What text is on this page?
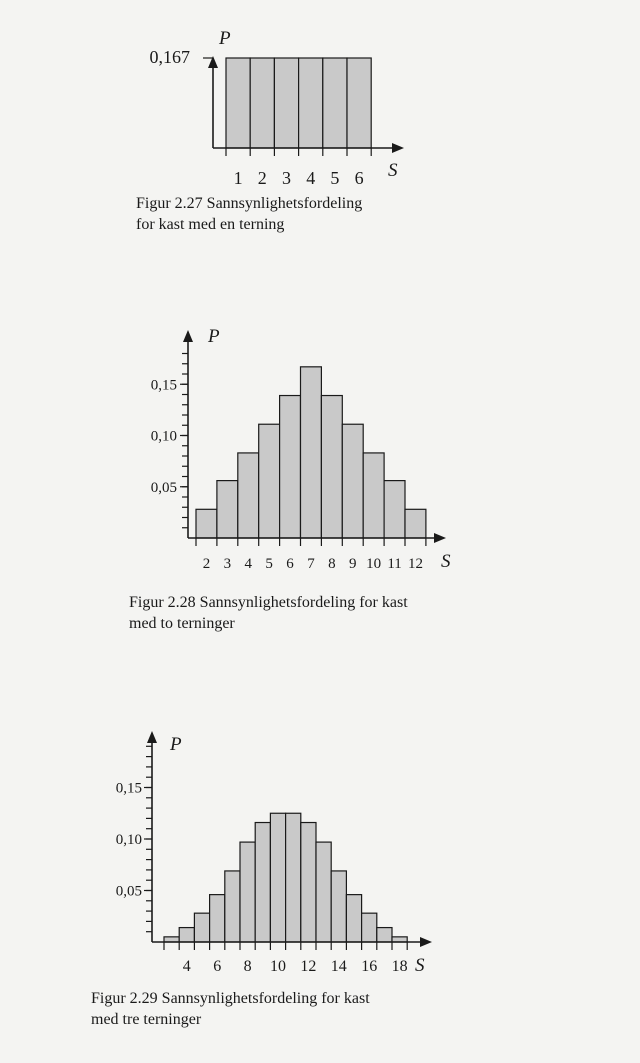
0,167
1 2 3 4 5 6
P
S
Figur 2.27 Sannsynlighetsfordeling
for kast med en terning
0,05
0,10
0,15
2 3 4 5 6 7 8 9 10 11 12
P
S
Figur 2.28 Sannsynlighetsfordeling for kast
med to terninger
0,05
0,10
0,15
4 6 8 10 12 14 16 18
P
S
Figur 2.29 Sannsynlighetsfordeling for kast
med tre terninger
